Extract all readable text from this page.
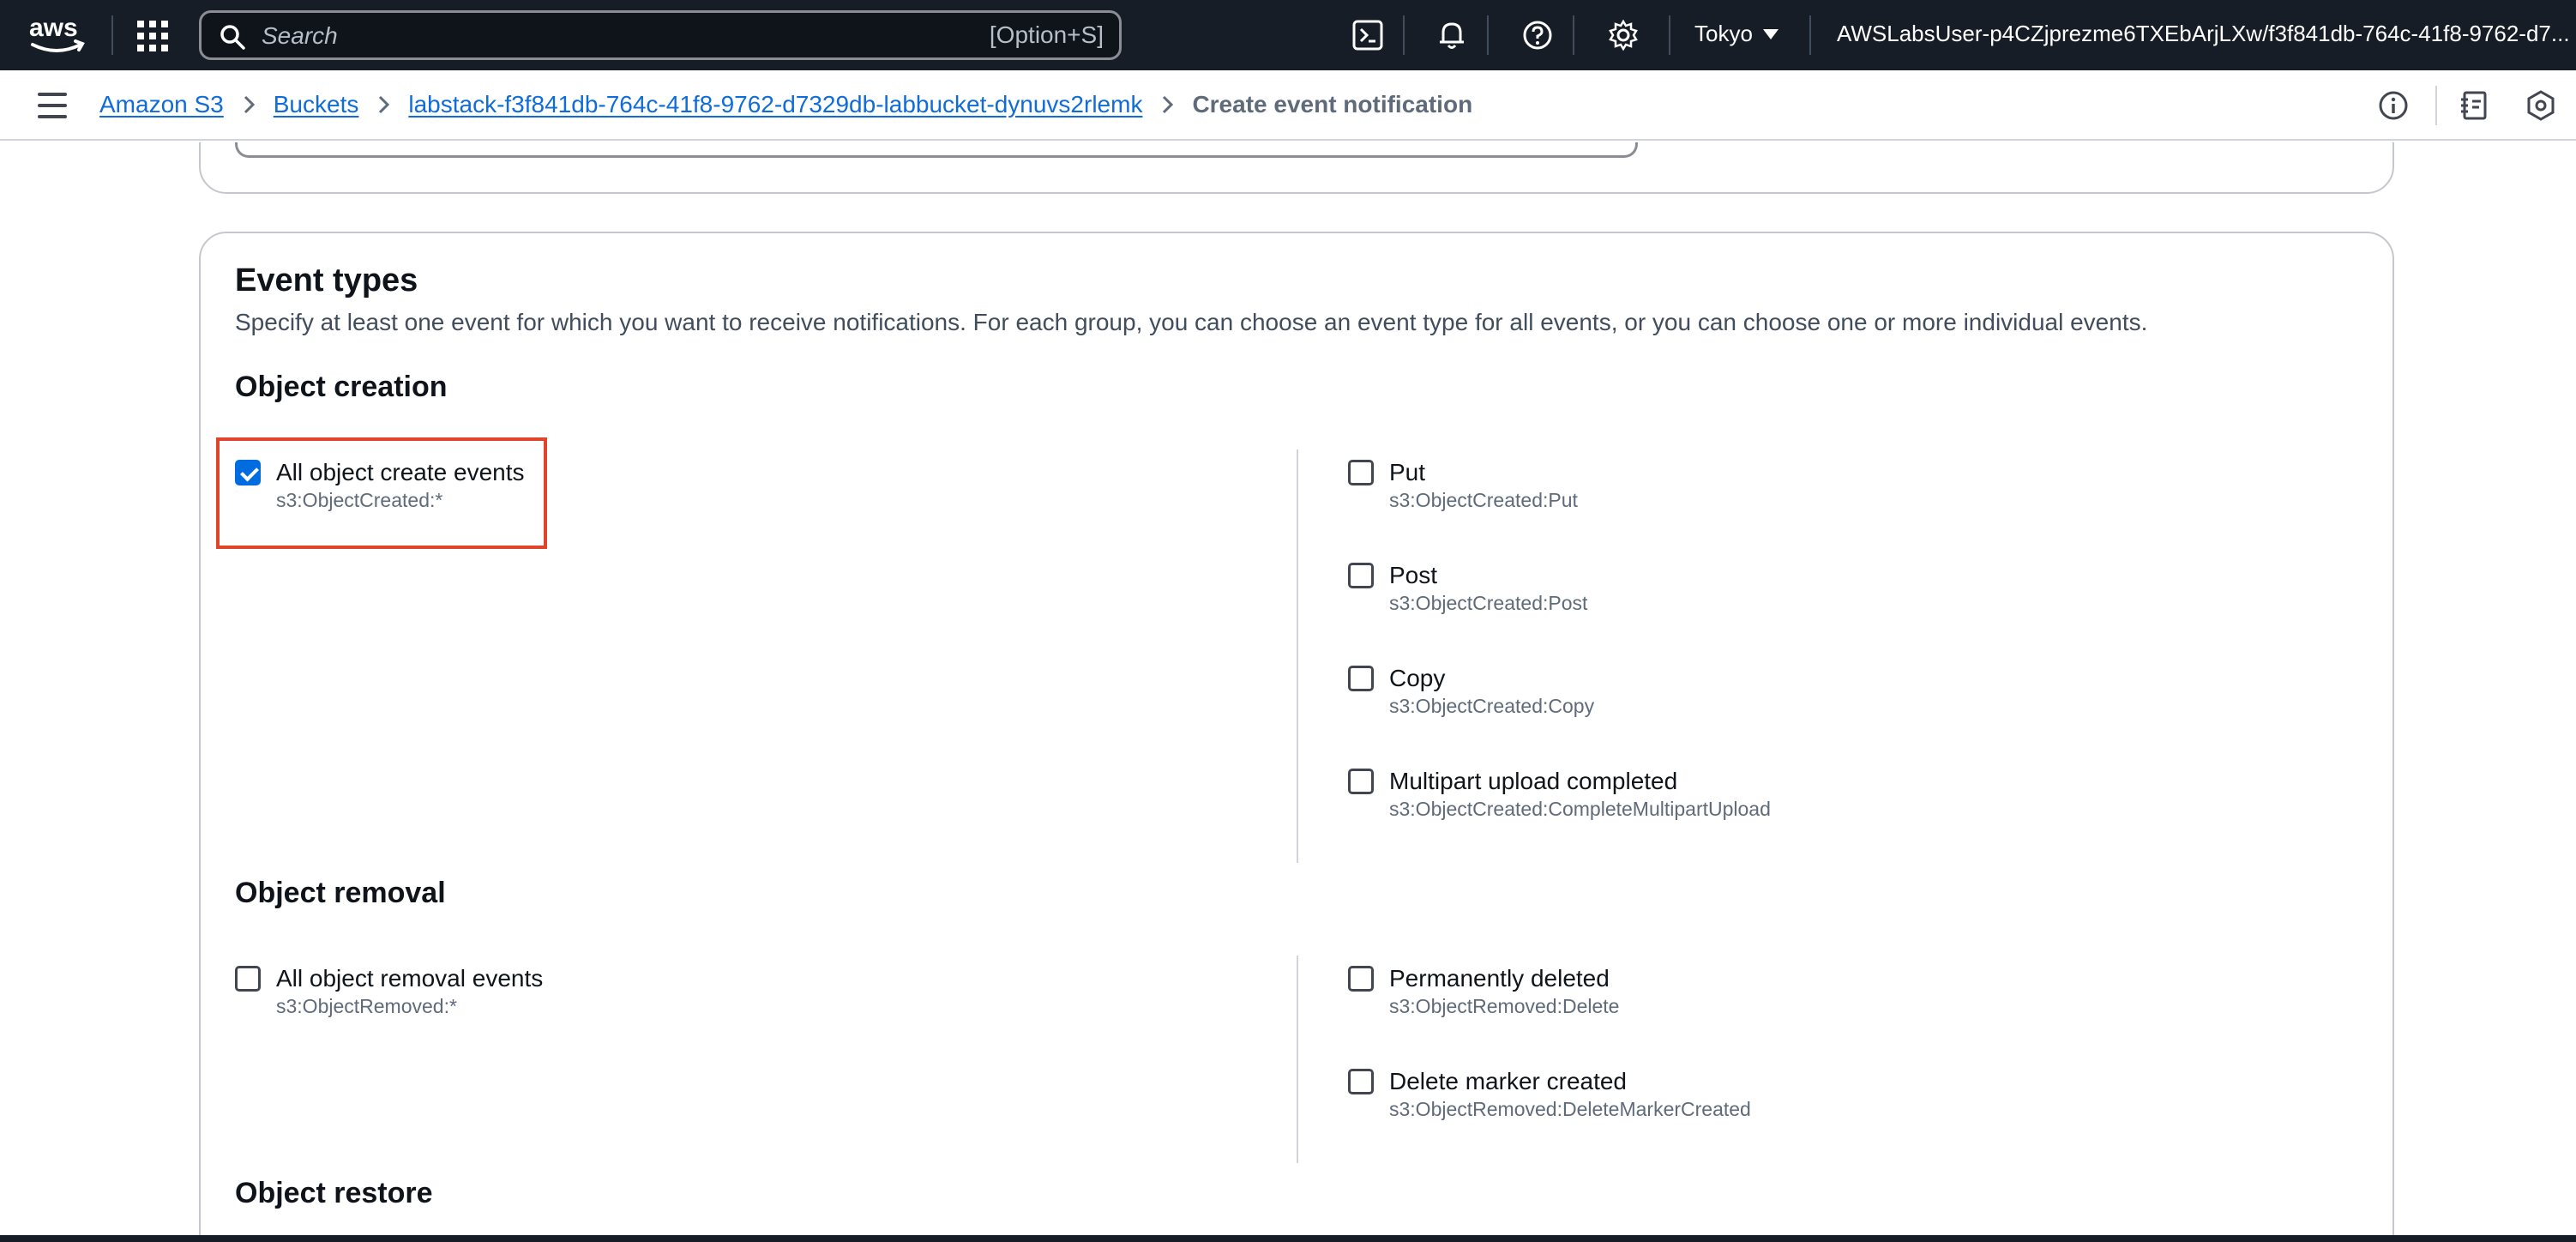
aws
Search	[Option+S]	Tokyo	AWSLabsUser-p4CZjprezme6TXEbArjLXw/f3f841db-764c-41f8-9762-d7...
Amazon S3 Buckets labstack-f3f841db-764c-41f8-9762-d7329db-labbucket-dynuvs2rlemk Create event notification
Event types
Specify at least one event for which you want to receive notifications. For each group, you can choose an event type for all events, or you can choose one or more individual events.
Object creation
All object create events
s3:ObjectCreated:*
Put
s3:ObjectCreated:Put
Post
s3:ObjectCreated:Post
Copy
s3:ObjectCreated:Copy
Multipart upload completed
s3:ObjectCreated:CompleteMultipartUpload
Object removal
All object removal events
s3:ObjectRemoved:*
Permanently deleted
s3:ObjectRemoved:Delete
Delete marker created
s3:ObjectRemoved:DeleteMarkerCreated
Object restore
